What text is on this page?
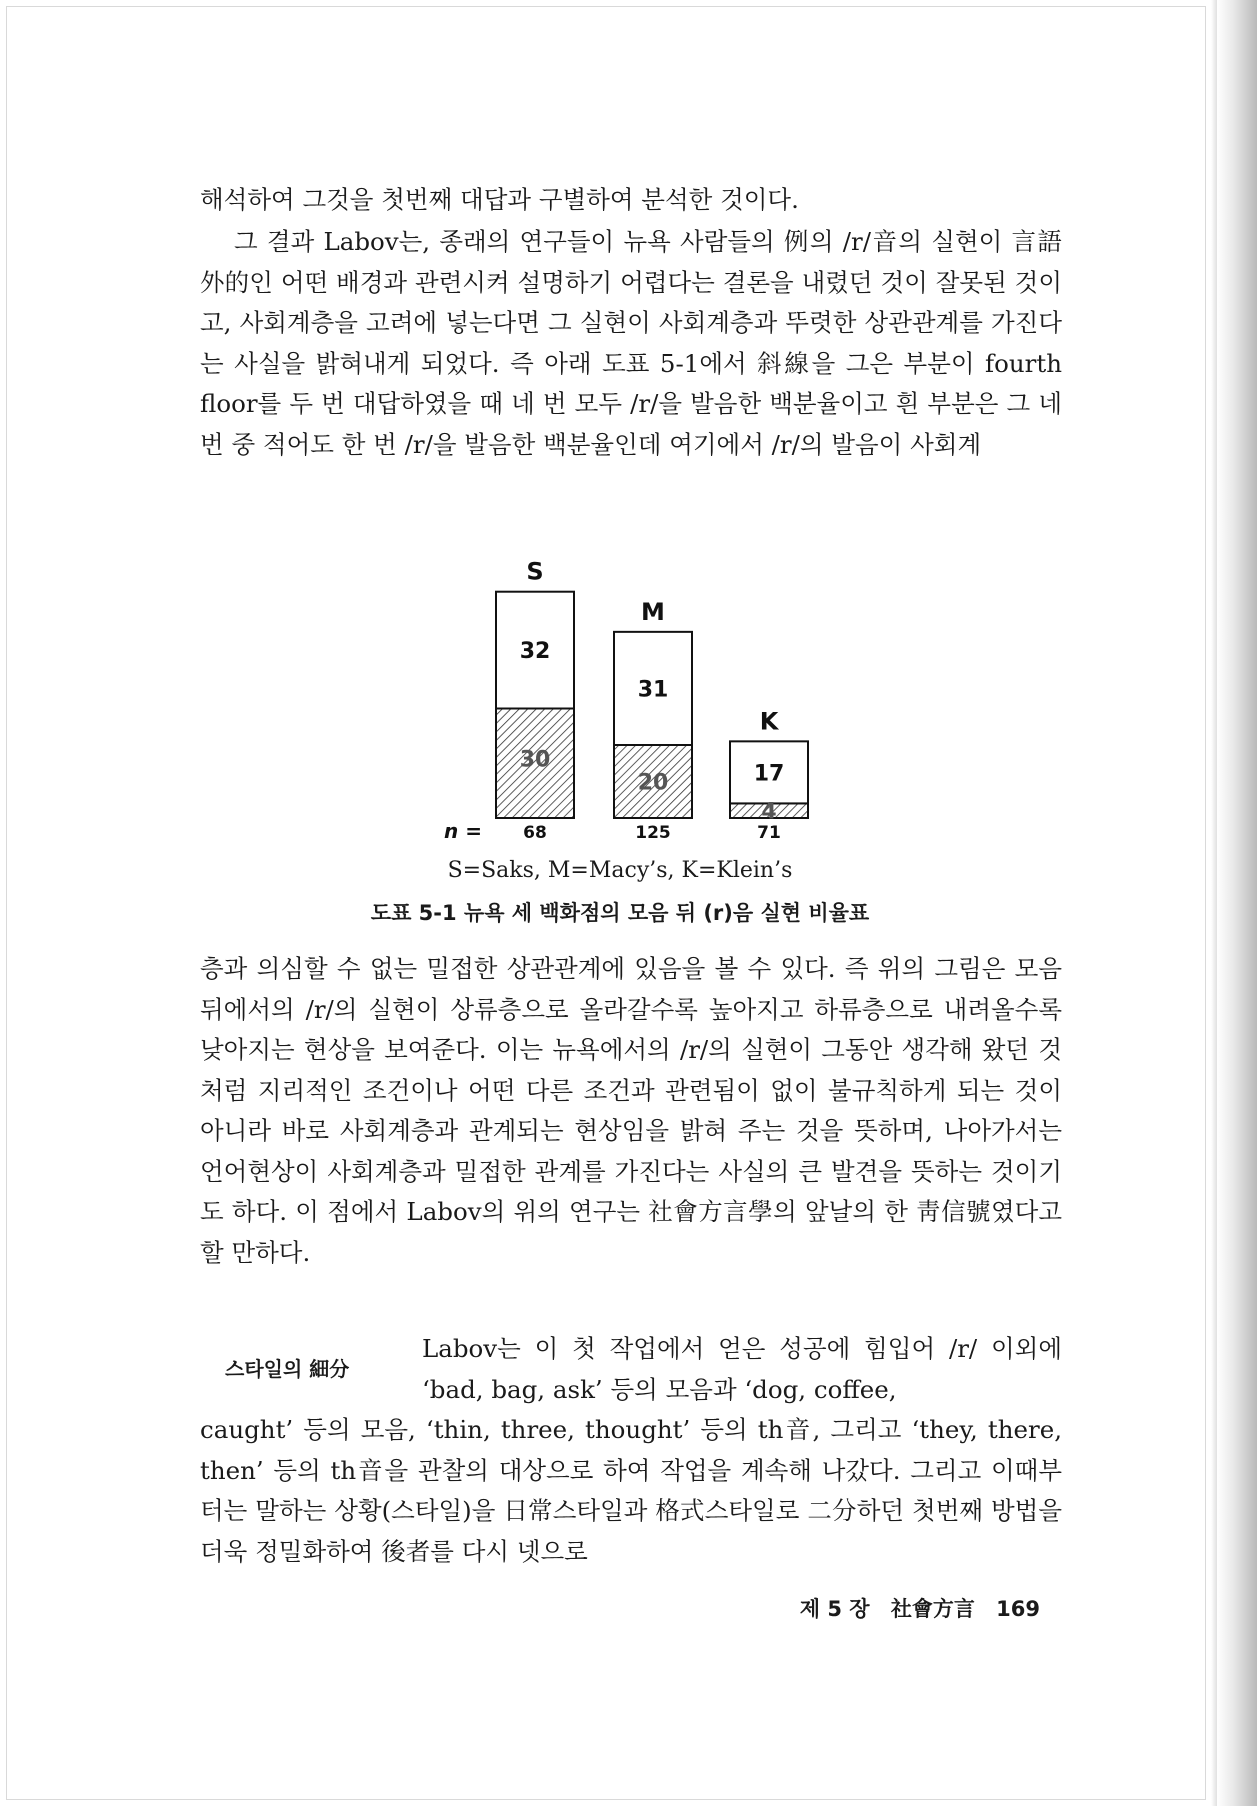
해석하여 그것을 첫번째 대답과 구별하여 분석한 것이다.

그 결과 Labov는, 종래의 연구들이 뉴욕 사람들의 例의 /r/音의 실현이 言語外的인 어떤 배경과 관련시켜 설명하기 어렵다는 결론을 내렸던 것이 잘못된 것이고, 사회계층을 고려에 넣는다면 그 실현이 사회계층과 뚜렷한 상관관계를 가진다는 사실을 밝혀내게 되었다. 즉 아래 도표 5-1에서 斜線을 그은 부분이 fourth floor를 두 번 대답하였을 때 네 번 모두 /r/을 발음한 백분율이고 흰 부분은 그 네 번 중 적어도 한 번 /r/을 발음한 백분율인데 여기에서 /r/의 발음이 사회계

32
30
S
68
31
20
M
125
17
4
K
71
n =
S=Saks, M=Macy’s, K=Klein’s
도표 5-1 뉴욕 세 백화점의 모음 뒤 (r)음 실현 비율표

층과 의심할 수 없는 밀접한 상관관계에 있음을 볼 수 있다. 즉 위의 그림은 모음 뒤에서의 /r/의 실현이 상류층으로 올라갈수록 높아지고 하류층으로 내려올수록 낮아지는 현상을 보여준다. 이는 뉴욕에서의 /r/의 실현이 그동안 생각해 왔던 것처럼 지리적인 조건이나 어떤 다른 조건과 관련됨이 없이 불규칙하게 되는 것이 아니라 바로 사회계층과 관계되는 현상임을 밝혀 주는 것을 뜻하며, 나아가서는 언어현상이 사회계층과 밀접한 관계를 가진다는 사실의 큰 발견을 뜻하는 것이기도 하다. 이 점에서 Labov의 위의 연구는 社會方言學의 앞날의 한 靑信號였다고 할 만하다.

스타일의 細分

Labov는 이 첫 작업에서 얻은 성공에 힘입어 /r/ 이외에 ‘bad, bag, ask’ 등의 모음과 ‘dog, coffee,

caught’ 등의 모음, ‘thin, three, thought’ 등의 th音, 그리고 ‘they, there, then’ 등의 th音을 관찰의 대상으로 하여 작업을 계속해 나갔다. 그리고 이때부터는 말하는 상황(스타일)을 日常스타일과 格式스타일로 二分하던 첫번째 방법을 더욱 정밀화하여 後者를 다시 넷으로

제 5 장 社會方言 169
